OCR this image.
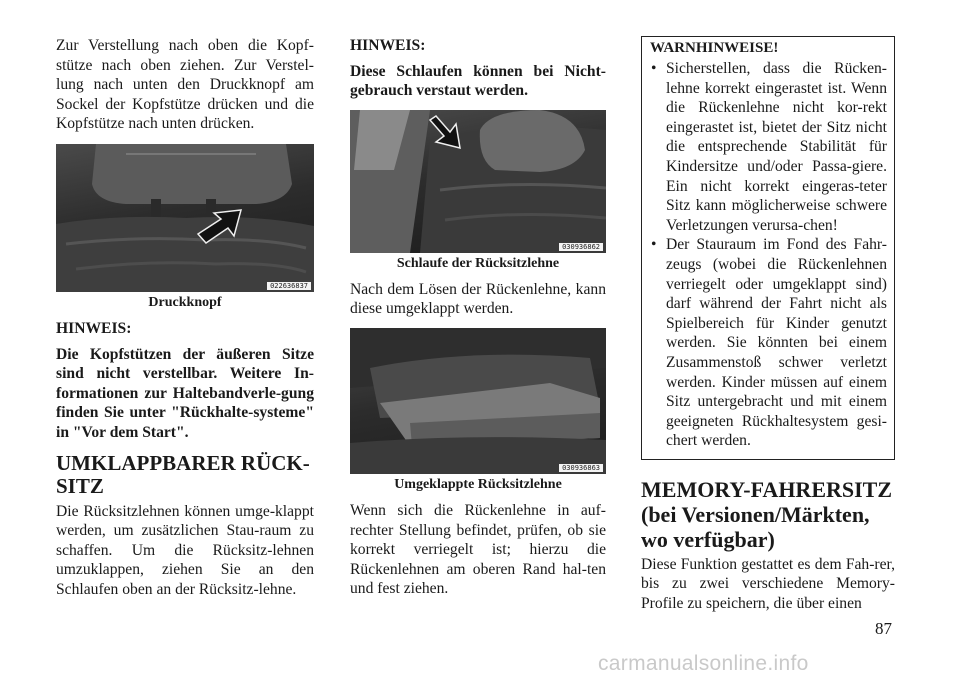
Zur Verstellung nach oben die Kopf-stütze nach oben ziehen. Zur Verstel-lung nach unten den Druckknopf am Sockel der Kopfstütze drücken und die Kopfstütze nach unten drücken.

022636837
Druckknopf

HINWEIS:

Die Kopfstützen der äußeren Sitze sind nicht verstellbar. Weitere In-formationen zur Haltebandverle-gung finden Sie unter "Rückhalte-systeme" in "Vor dem Start".

UMKLAPPBARER RÜCK-SITZ

Die Rücksitzlehnen können umge-klappt werden, um zusätzlichen Stau-raum zu schaffen. Um die Rücksitz-lehnen umzuklappen, ziehen Sie an den Schlaufen oben an der Rücksitz-lehne.

HINWEIS:

Diese Schlaufen können bei Nicht-gebrauch verstaut werden.

030936862
Schlaufe der Rücksitzlehne

Nach dem Lösen der Rückenlehne, kann diese umgeklappt werden.

030936863
Umgeklappte Rücksitzlehne

Wenn sich die Rückenlehne in auf-rechter Stellung befindet, prüfen, ob sie korrekt verriegelt ist; hierzu die Rückenlehnen am oberen Rand hal-ten und fest ziehen.

WARNHINWEISE!
• Sicherstellen, dass die Rücken-lehne korrekt eingerastet ist. Wenn die Rückenlehne nicht kor-rekt eingerastet ist, bietet der Sitz nicht die entsprechende Stabilität für Kindersitze und/oder Passa-giere. Ein nicht korrekt eingeras-teter Sitz kann möglicherweise schwere Verletzungen verursa-chen!
• Der Stauraum im Fond des Fahr-zeugs (wobei die Rückenlehnen verriegelt oder umgeklappt sind) darf während der Fahrt nicht als Spielbereich für Kinder genutzt werden. Sie könnten bei einem Zusammenstoß schwer verletzt werden. Kinder müssen auf einem Sitz untergebracht und mit einem geeigneten Rückhaltesystem gesi-chert werden.
MEMORY-FAHRERSITZ (bei Versionen/Märkten, wo verfügbar)

Diese Funktion gestattet es dem Fah-rer, bis zu zwei verschiedene Memory-Profile zu speichern, die über einen

87
carmanualsonline.info
